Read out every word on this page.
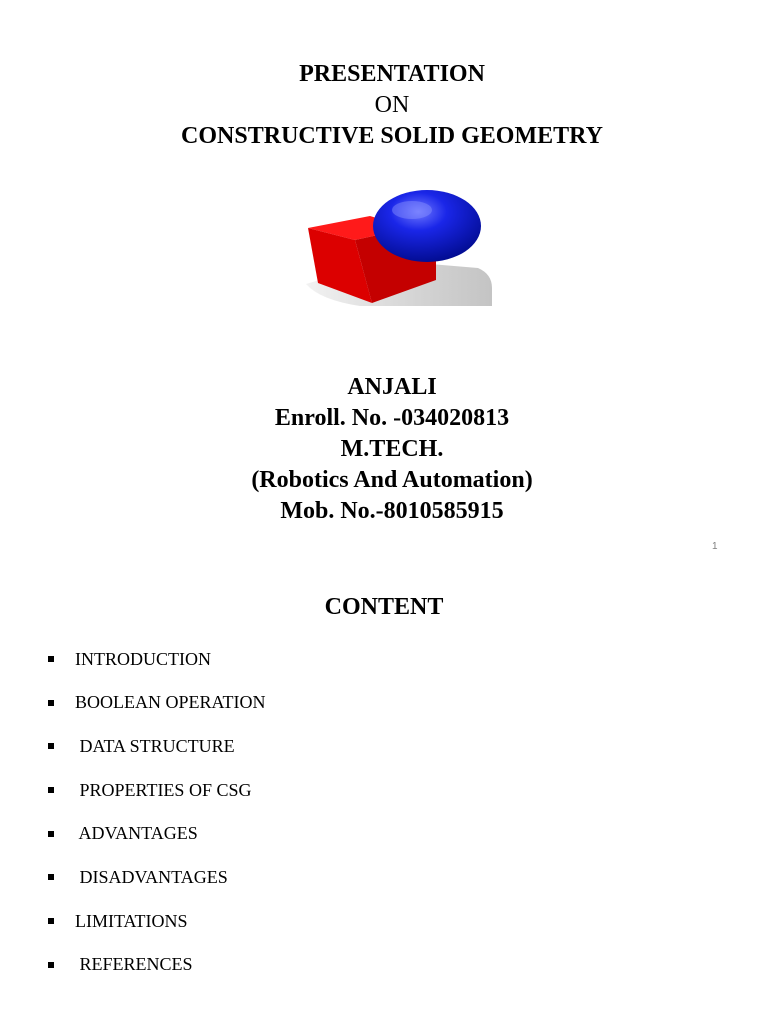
PRESENTATION
ON
CONSTRUCTIVE SOLID GEOMETRY
ANJALI
Enroll. No. -034020813
M.TECH.
(Robotics And Automation)
Mob. No.-8010585915
1
CONTENT
INTRODUCTION
BOOLEAN OPERATION
DATA STRUCTURE
PROPERTIES OF CSG
ADVANTAGES
DISADVANTAGES
LIMITATIONS
REFERENCES
